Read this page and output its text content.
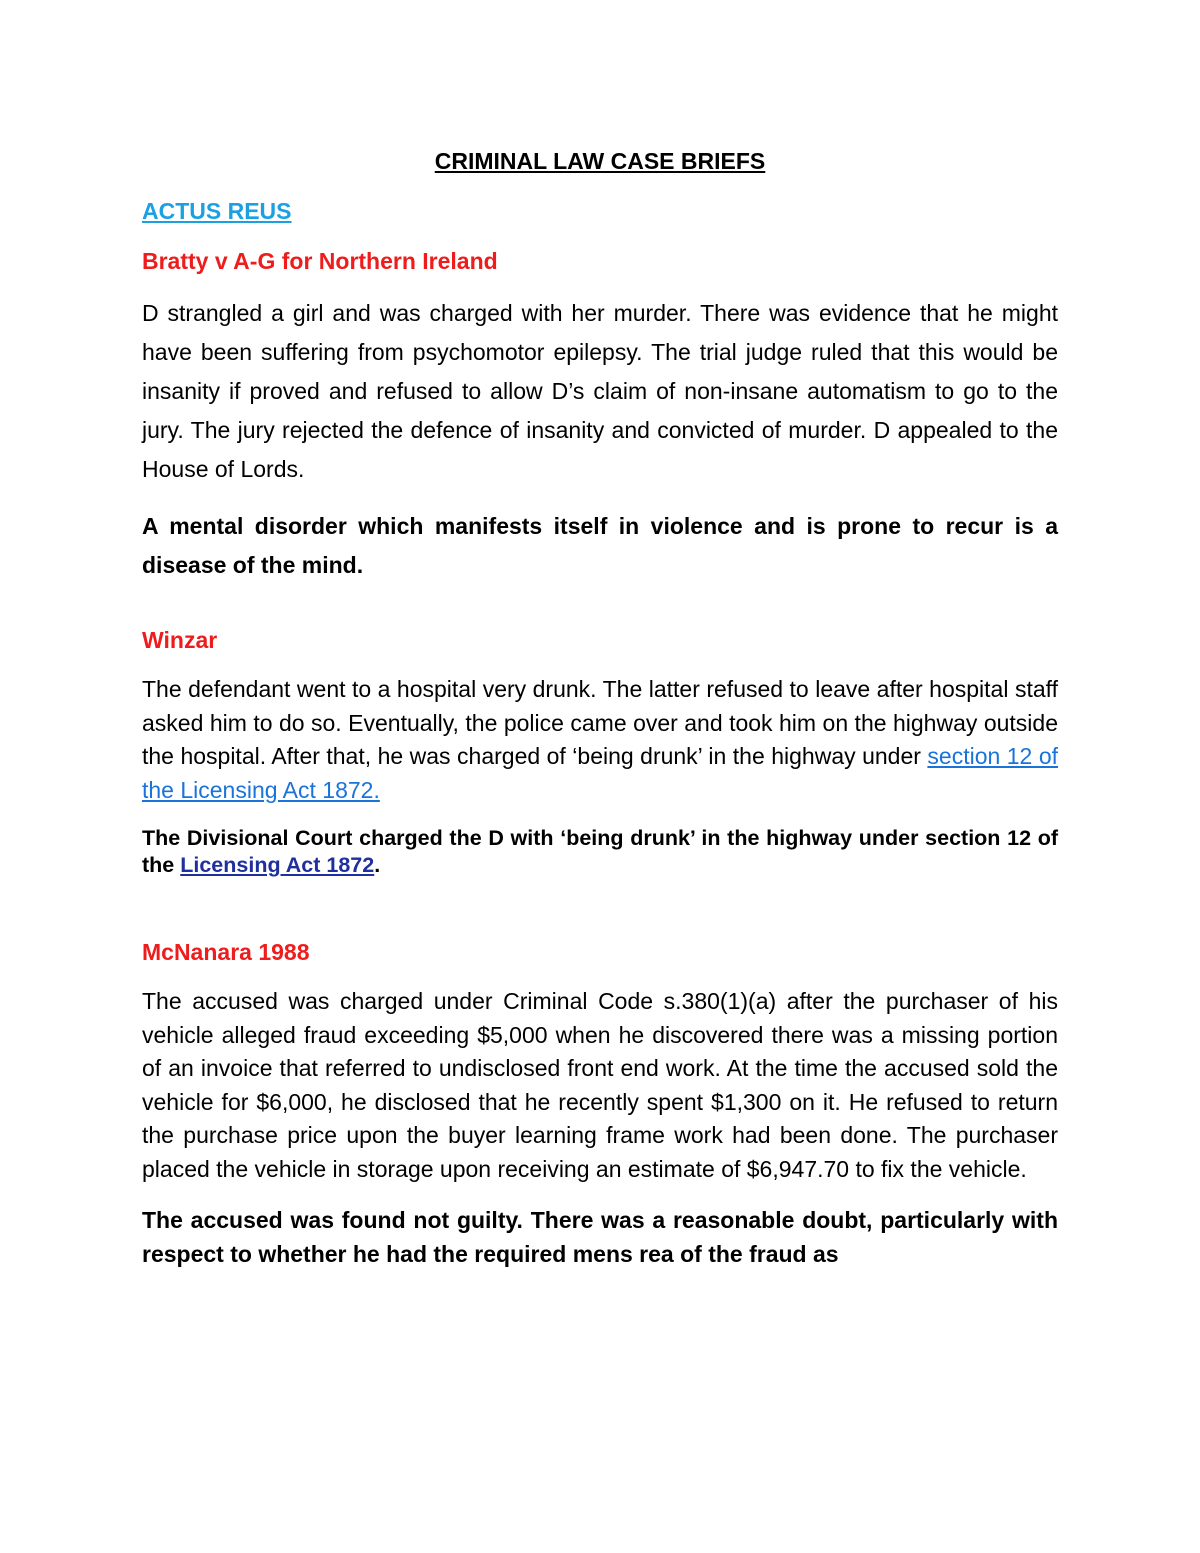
CRIMINAL LAW CASE BRIEFS
ACTUS REUS
Bratty v A-G for Northern Ireland

D strangled a girl and was charged with her murder. There was evidence that he might have been suffering from psychomotor epilepsy. The trial judge ruled that this would be insanity if proved and refused to allow D’s claim of non-insane automatism to go to the jury. The jury rejected the defence of insanity and convicted of murder. D appealed to the House of Lords.

A mental disorder which manifests itself in violence and is prone to recur is a disease of the mind.

Winzar

The defendant went to a hospital very drunk. The latter refused to leave after hospital staff asked him to do so. Eventually, the police came over and took him on the highway outside the hospital. After that, he was charged of ‘being drunk’ in the highway under section 12 of the Licensing Act 1872.

The Divisional Court charged the D with ‘being drunk’ in the highway under section 12 of the Licensing Act 1872.

McNanara 1988

The accused was charged under Criminal Code s.380(1)(a) after the purchaser of his vehicle alleged fraud exceeding $5,000 when he discovered there was a missing portion of an invoice that referred to undisclosed front end work. At the time the accused sold the vehicle for $6,000, he disclosed that he recently spent $1,300 on it. He refused to return the purchase price upon the buyer learning frame work had been done. The purchaser placed the vehicle in storage upon receiving an estimate of $6,947.70 to fix the vehicle.

The accused was found not guilty. There was a reasonable doubt, particularly with respect to whether he had the required mens rea of the fraud as
